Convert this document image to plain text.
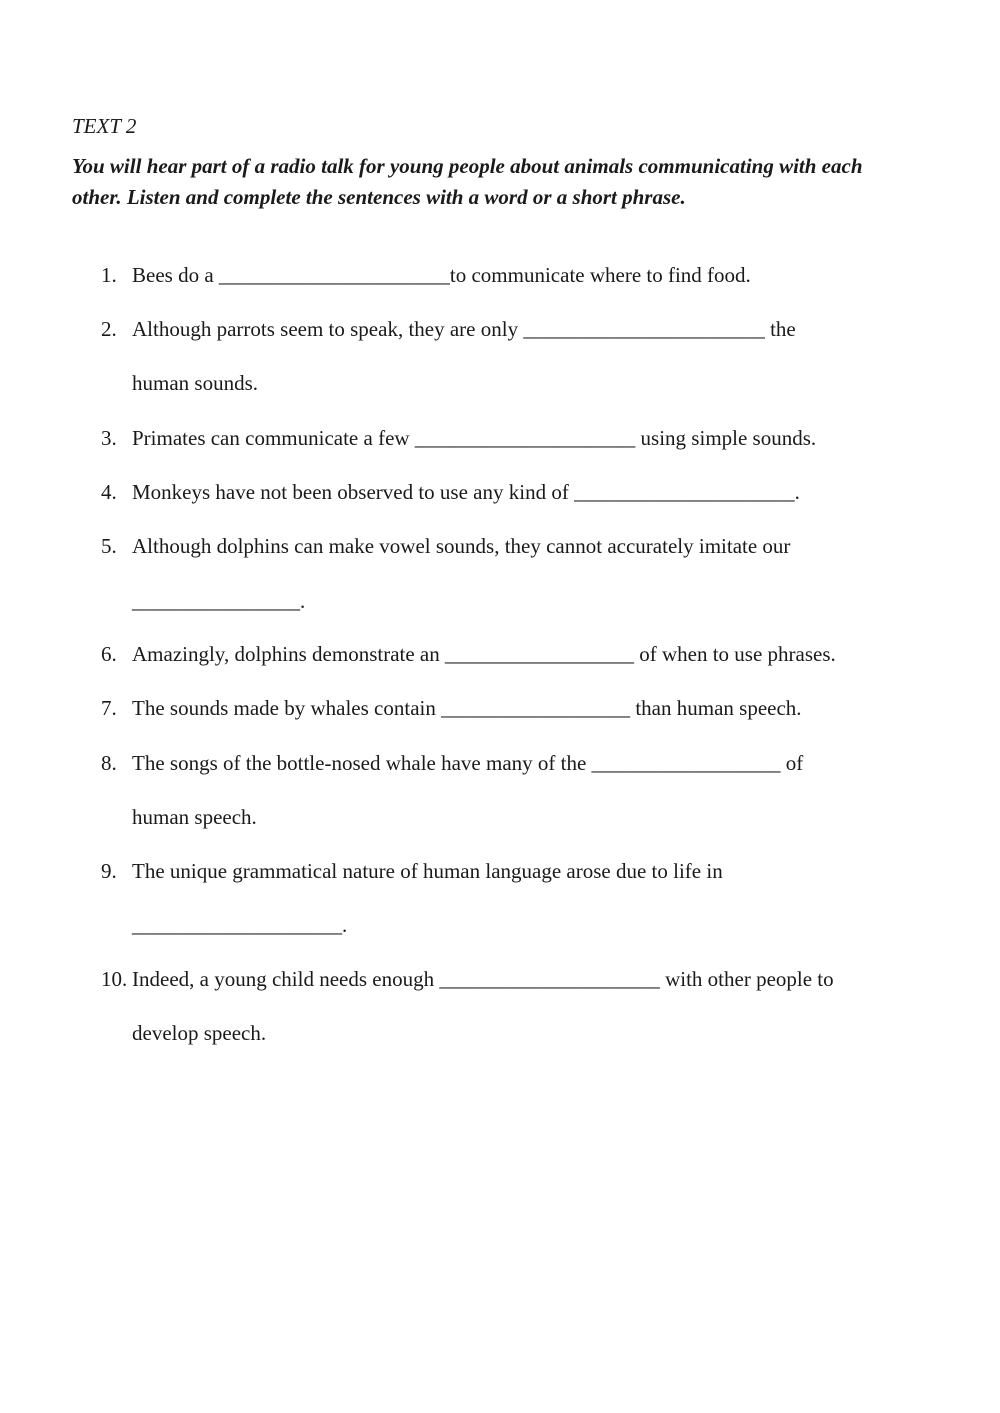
TEXT 2
You will hear part of a radio talk for young people about animals communicating with each
other. Listen and complete the sentences with a word or a short phrase.
1. Bees do a ______________________to communicate where to find food.
2. Although parrots seem to speak, they are only _______________________ the
human sounds.
3. Primates can communicate a few _____________________ using simple sounds.
4. Monkeys have not been observed to use any kind of _____________________.
5. Although dolphins can make vowel sounds, they cannot accurately imitate our
________________.
6. Amazingly, dolphins demonstrate an __________________ of when to use phrases.
7. The sounds made by whales contain __________________ than human speech.
8. The songs of the bottle-nosed whale have many of the __________________ of
human speech.
9. The unique grammatical nature of human language arose due to life in
____________________.
10. Indeed, a young child needs enough _____________________ with other people to
develop speech.
